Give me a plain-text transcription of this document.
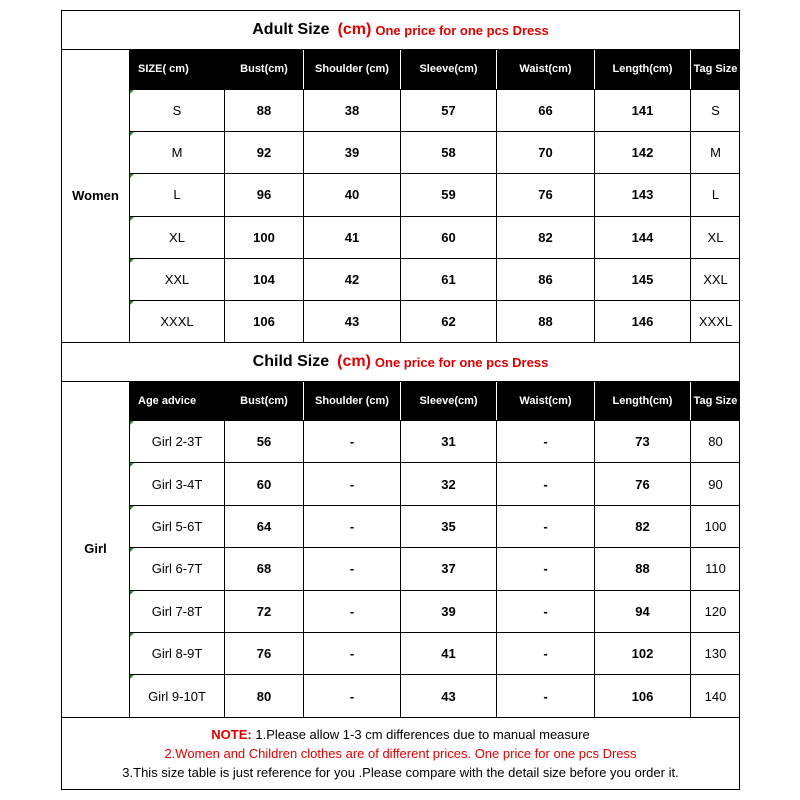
Adult Size (cm) One price for one pcs Dress
Child Size (cm) One price for one pcs Dress
NOTE: 1.Please allow 1-3 cm differences due to manual measure
2.Women and Children clothes are of different prices. One price for one pcs Dress
3.This size table is just reference for you .Please compare with the detail size before you order it.
SIZE( cm)	Bust(cm)	Shoulder (cm)	Sleeve(cm)	Waist(cm)	Length(cm)	Tag Size
Women
S	88	38	57	66	141	S
M	92	39	58	70	142	M
L	96	40	59	76	143	L
XL	100	41	60	82	144	XL
XXL	104	42	61	86	145	XXL
XXXL	106	43	62	88	146	XXXL
Age advice	Bust(cm)	Shoulder (cm)	Sleeve(cm)	Waist(cm)	Length(cm)	Tag Size
Girl
Girl 2-3T	56	-	31	-	73	80
Girl 3-4T	60	-	32	-	76	90
Girl 5-6T	64	-	35	-	82	100
Girl 6-7T	68	-	37	-	88	110
Girl 7-8T	72	-	39	-	94	120
Girl 8-9T	76	-	41	-	102	130
Girl 9-10T	80	-	43	-	106	140
